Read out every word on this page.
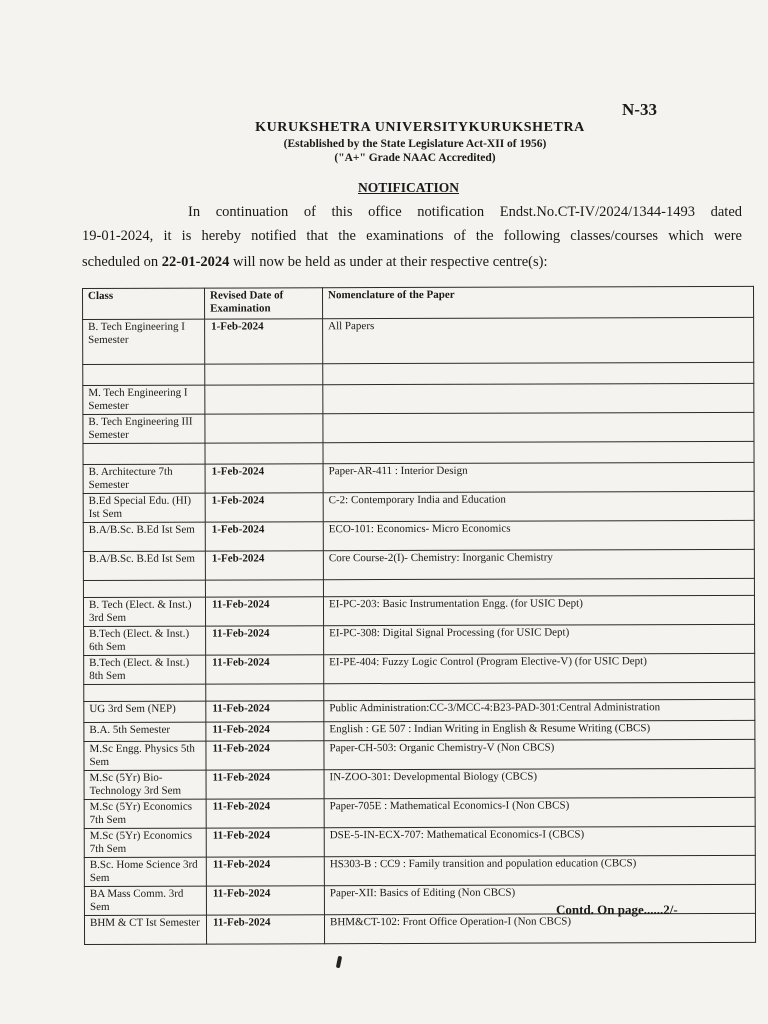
N-33
KURUKSHETRA UNIVERSITYKURUKSHETRA
(Established by the State Legislature Act-XII of 1956)
("A+" Grade NAAC Accredited)
NOTIFICATION
In continuation of this office notification Endst.No.CT-IV/2024/1344-1493 dated
19-01-2024, it is hereby notified that the examinations of the following classes/courses which were
scheduled on 22-01-2024 will now be held as under at their respective centre(s):
Class	Revised Date of Examination	Nomenclature of the Paper
B. Tech Engineering I Semester	1-Feb-2024	All Papers

M. Tech Engineering I Semester		
B. Tech Engineering III Semester		

B. Architecture 7th Semester	1-Feb-2024	Paper-AR-411 : Interior Design
B.Ed Special Edu. (HI) Ist Sem	1-Feb-2024	C-2: Contemporary India and Education
B.A/B.Sc. B.Ed Ist Sem	1-Feb-2024	ECO-101: Economics- Micro Economics
B.A/B.Sc. B.Ed Ist Sem	1-Feb-2024	Core Course-2(I)- Chemistry: Inorganic Chemistry

B. Tech (Elect. & Inst.) 3rd Sem	11-Feb-2024	EI-PC-203: Basic Instrumentation Engg. (for USIC Dept)
B.Tech (Elect. & Inst.) 6th Sem	11-Feb-2024	EI-PC-308: Digital Signal Processing (for USIC Dept)
B.Tech (Elect. & Inst.) 8th Sem	11-Feb-2024	EI-PE-404: Fuzzy Logic Control (Program Elective-V) (for USIC Dept)

UG 3rd Sem (NEP)	11-Feb-2024	Public Administration:CC-3/MCC-4:B23-PAD-301:Central Administration
B.A. 5th Semester	11-Feb-2024	English : GE 507 : Indian Writing in English & Resume Writing (CBCS)
M.Sc Engg. Physics 5th Sem	11-Feb-2024	Paper-CH-503: Organic Chemistry-V (Non CBCS)
M.Sc (5Yr) Bio-Technology 3rd Sem	11-Feb-2024	IN-ZOO-301: Developmental Biology (CBCS)
M.Sc (5Yr) Economics 7th Sem	11-Feb-2024	Paper-705E : Mathematical Economics-I (Non CBCS)
M.Sc (5Yr) Economics 7th Sem	11-Feb-2024	DSE-5-IN-ECX-707: Mathematical Economics-I (CBCS)
B.Sc. Home Science 3rd Sem	11-Feb-2024	HS303-B : CC9 : Family transition and population education (CBCS)
BA Mass Comm. 3rd Sem	11-Feb-2024	Paper-XII: Basics of Editing (Non CBCS)
BHM & CT Ist Semester	11-Feb-2024	BHM&CT-102: Front Office Operation-I (Non CBCS)
Contd. On page......2/-
